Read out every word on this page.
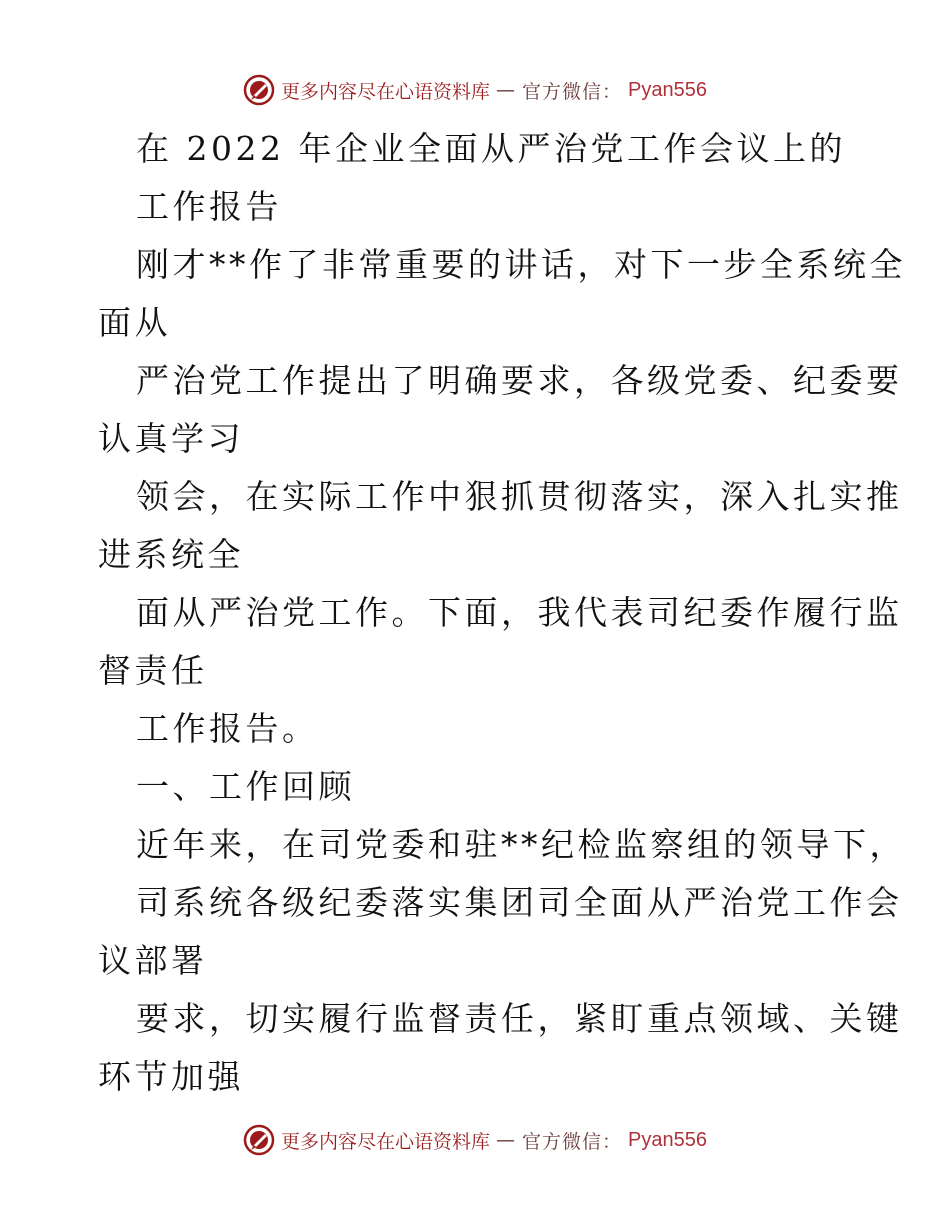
更多内容尽在心语资料库 — 官方微信： Pyan556

在 2022 年企业全面从严治党工作会议上的

工作报告

刚才**作了非常重要的讲话，对下一步全系统全

面从

严治党工作提出了明确要求，各级党委、纪委要

认真学习

领会，在实际工作中狠抓贯彻落实，深入扎实推

进系统全

面从严治党工作。下面，我代表司纪委作履行监

督责任

工作报告。

一、工作回顾

近年来，在司党委和驻**纪检监察组的领导下，

司系统各级纪委落实集团司全面从严治党工作会

议部署

要求，切实履行监督责任，紧盯重点领域、关键

环节加强

更多内容尽在心语资料库 — 官方微信： Pyan556
